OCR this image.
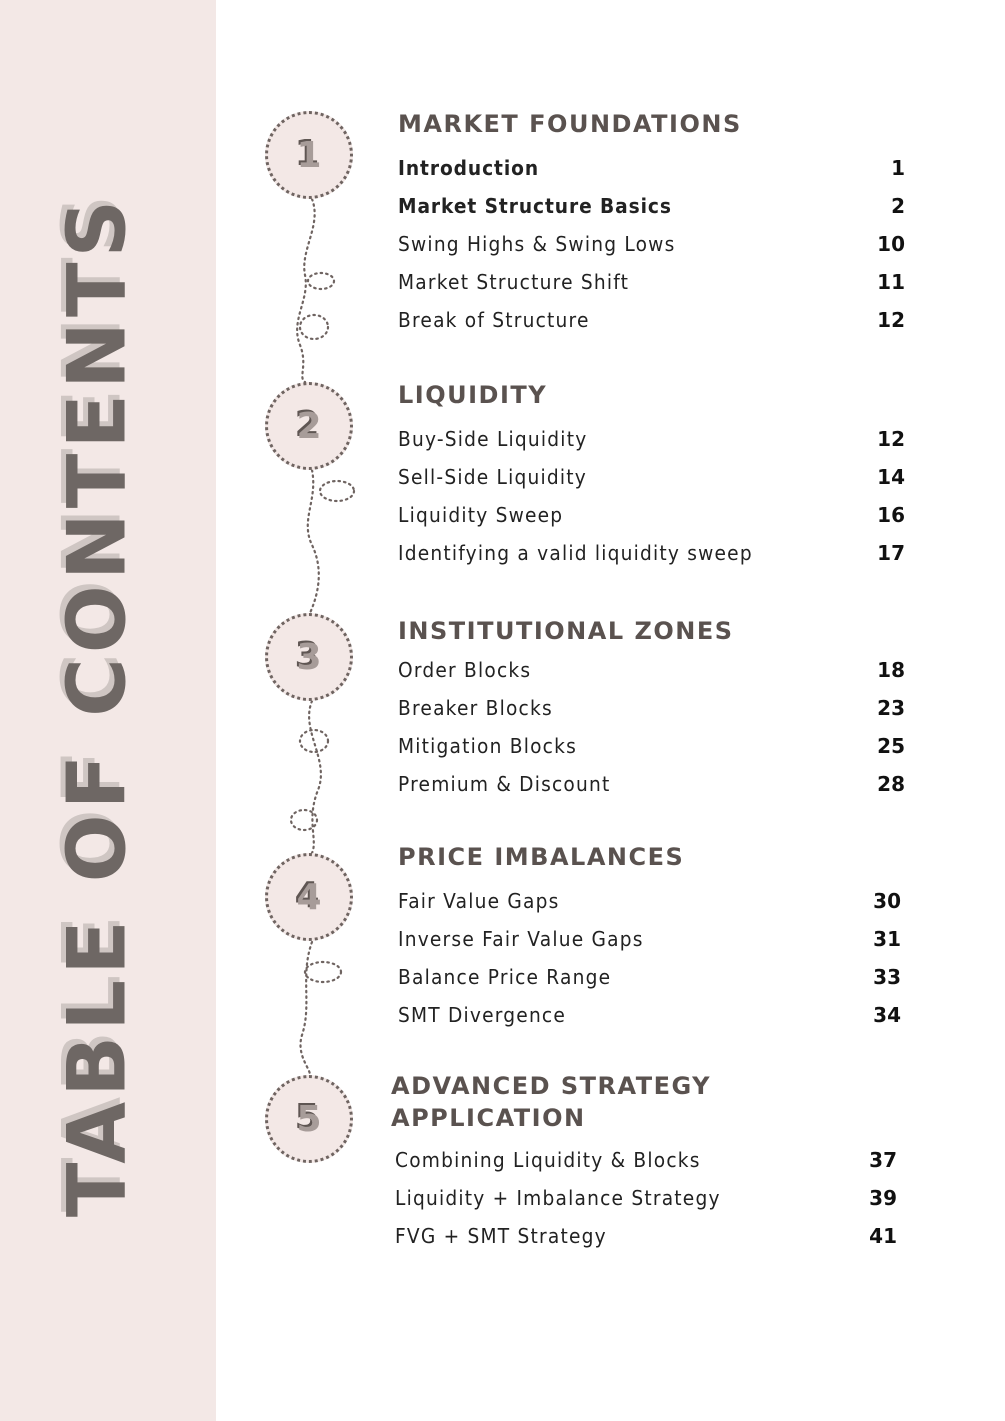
TABLE OF CONTENTS
1
2
3
4
5
MARKET FOUNDATIONS
Introduction	1
Market Structure Basics	2
Swing Highs & Swing Lows	10
Market Structure Shift	11
Break of Structure	12
LIQUIDITY
Buy-Side Liquidity	12
Sell-Side Liquidity	14
Liquidity Sweep	16
Identifying a valid liquidity sweep	17
INSTITUTIONAL ZONES
Order Blocks	18
Breaker Blocks	23
Mitigation Blocks	25
Premium & Discount	28
PRICE IMBALANCES
Fair Value Gaps	30
Inverse Fair Value Gaps	31
Balance Price Range	33
SMT Divergence	34
ADVANCED STRATEGY
APPLICATION
Combining Liquidity & Blocks	37
Liquidity + Imbalance Strategy	39
FVG + SMT Strategy	41
